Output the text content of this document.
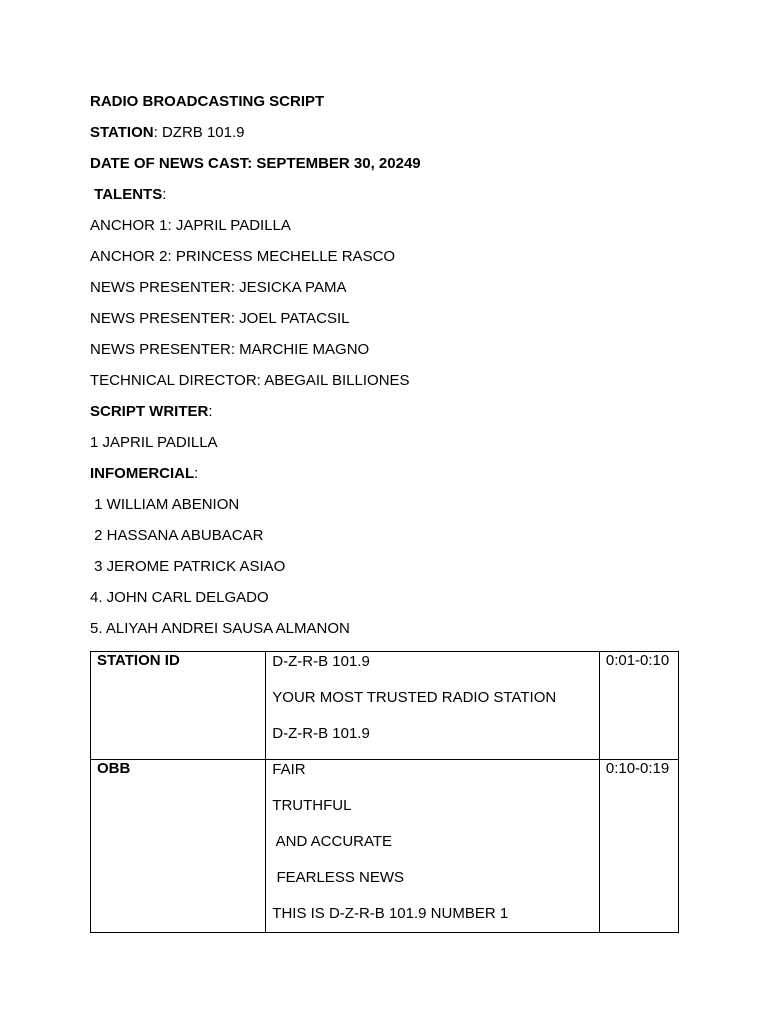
RADIO BROADCASTING SCRIPT
STATION: DZRB 101.9
DATE OF NEWS CAST: SEPTEMBER 30, 20249
TALENTS:
ANCHOR 1: JAPRIL PADILLA
ANCHOR 2: PRINCESS MECHELLE RASCO
NEWS PRESENTER: JESICKA PAMA
NEWS PRESENTER: JOEL PATACSIL
NEWS PRESENTER: MARCHIE MAGNO
TECHNICAL DIRECTOR: ABEGAIL BILLIONES
SCRIPT WRITER:
1 JAPRIL PADILLA
INFOMERCIAL:
1 WILLIAM ABENION
2 HASSANA ABUBACAR
3 JEROME PATRICK ASIAO
4. JOHN CARL DELGADO
5. ALIYAH ANDREI SAUSA ALMANON
STATION ID	D-Z-R-B 101.9
YOUR MOST TRUSTED RADIO STATION
D-Z-R-B 101.9	0:01-0:10
OBB	FAIR
TRUTHFUL
AND ACCURATE
FEARLESS NEWS
THIS IS D-Z-R-B 101.9 NUMBER 1	0:10-0:19
